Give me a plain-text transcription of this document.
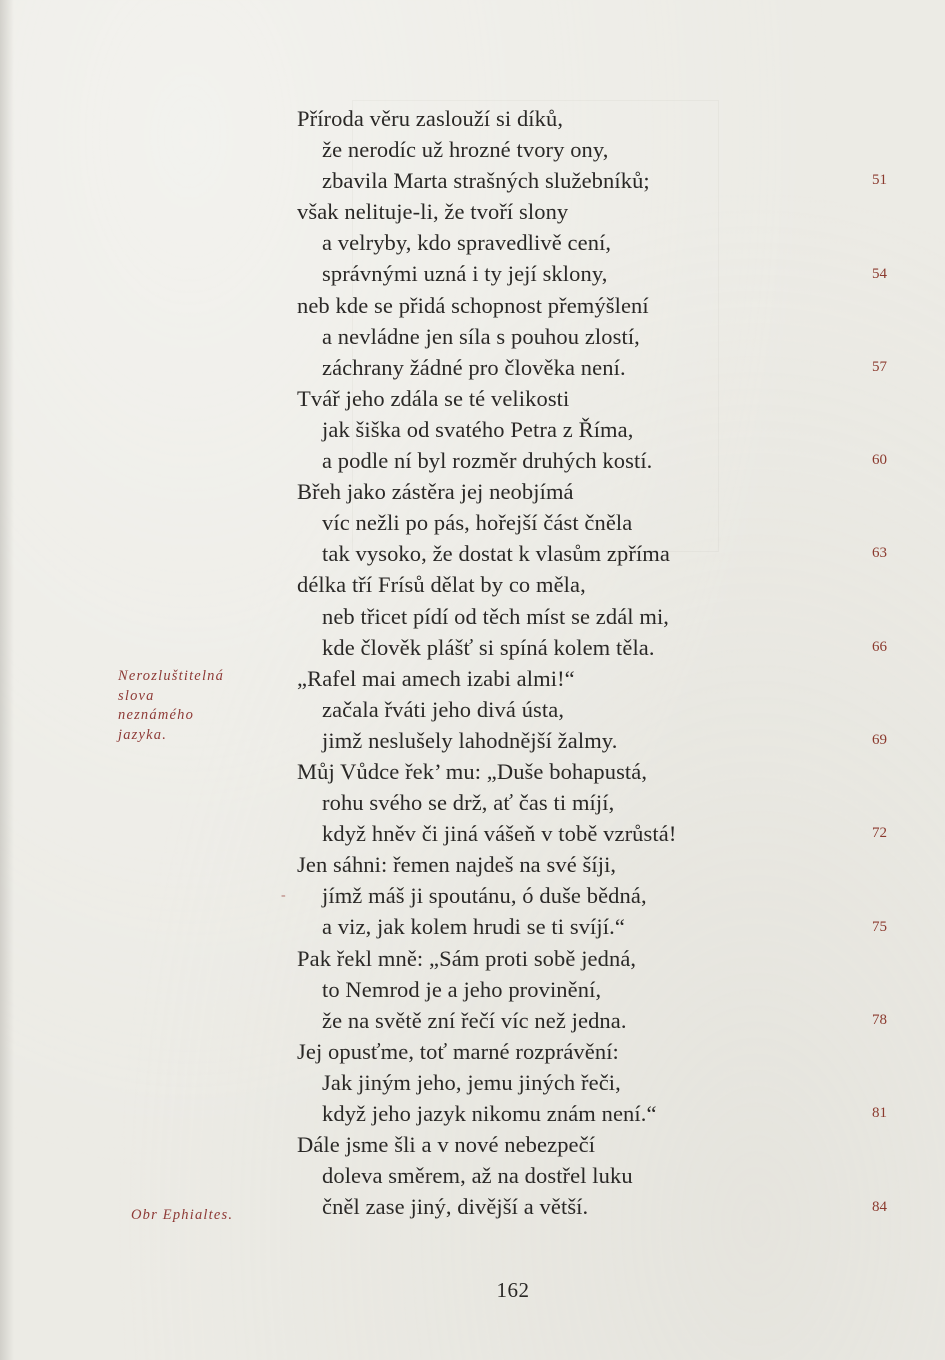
Příroda věru zaslouží si díků,
že nerodíc už hrozné tvory ony,
zbavila Marta strašných služebníků;
však nelituje-li, že tvoří slony
a velryby, kdo spravedlivě cení,
správnými uzná i ty její sklony,
neb kde se přidá schopnost přemýšlení
a nevládne jen síla s pouhou zlostí,
záchrany žádné pro člověka není.
Tvář jeho zdála se té velikosti
jak šiška od svatého Petra z Říma,
a podle ní byl rozměr druhých kostí.
Břeh jako zástěra jej neobjímá
víc nežli po pás, hořejší část čněla
tak vysoko, že dostat k vlasům zpříma
délka tří Frísů dělat by co měla,
neb třicet pídí od těch míst se zdál mi,
kde člověk plášť si spíná kolem těla.
„Rafel mai amech izabi almi!“
začala řváti jeho divá ústa,
jimž neslušely lahodnější žalmy.
Můj Vůdce řek’ mu: „Duše bohapustá,
rohu svého se drž, ať čas ti míjí,
když hněv či jiná vášeň v tobě vzrůstá!
Jen sáhni: řemen najdeš na své šíji,
- jímž máš ji spoutánu, ó duše bědná,
a viz, jak kolem hrudi se ti svíjí.“
Pak řekl mně: „Sám proti sobě jedná,
to Nemrod je a jeho provinění,
že na světě zní řečí víc než jedna.
Jej opusťme, toť marné rozprávění:
Jak jiným jeho, jemu jiných řeči,
když jeho jazyk nikomu znám není.“
Dále jsme šli a v nové nebezpečí
doleva směrem, až na dostřel luku
čněl zase jiný, divější a větší.
51
54
57
60
63
66
69
72
75
78
81
84
Nerozluštitelná
slova
neznámého
jazyka.
Obr Ephialtes.
162
